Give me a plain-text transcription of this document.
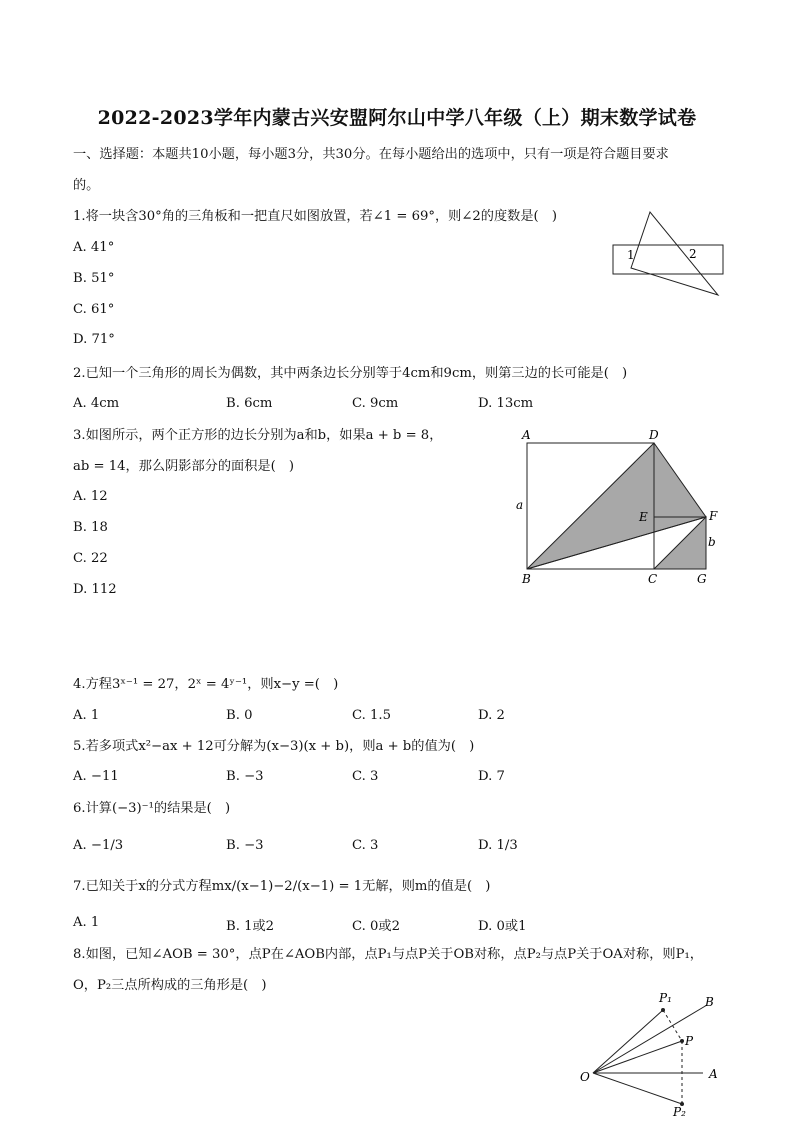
2022-2023学年内蒙古兴安盟阿尔山中学八年级（上）期末数学试卷
一、选择题：本题共10小题，每小题3分，共30分。在每小题给出的选项中，只有一项是符合题目要求
的。
1.将一块含30°角的三角板和一把直尺如图放置，若∠1 = 69°，则∠2的度数是(　)
A. 41°
B. 51°
C. 61°
D. 71°
1	2
2.已知一个三角形的周长为偶数，其中两条边长分别等于4cm和9cm，则第三边的长可能是(　)
A. 4cm	B. 6cm	C. 9cm	D. 13cm
3.如图所示，两个正方形的边长分别为a和b，如果a + b = 8，
ab = 14，那么阴影部分的面积是(　)
A. 12
B. 18
C. 22
D. 112
A	D
a
E	F
b
B	C	G
4.方程3ˣ⁻¹ = 27，2ˣ = 4ʸ⁻¹，则x−y =(　)
A. 1	B. 0	C. 1.5	D. 2
5.若多项式x²−ax + 12可分解为(x−3)(x + b)，则a + b的值为(　)
A. −11	B. −3	C. 3	D. 7
6.计算(−3)⁻¹的结果是(　)
A. −1/3	B. −3	C. 3	D. 1/3
7.已知关于x的分式方程mx/(x−1)−2/(x−1) = 1无解，则m的值是(　)
A. 1	B. 1或2	C. 0或2	D. 0或1
8.如图，已知∠AOB = 30°，点P在∠AOB内部，点P₁与点P关于OB对称，点P₂与点P关于OA对称，则P₁，
O，P₂三点所构成的三角形是(　)
P₁	B
P
O	A
P₂
